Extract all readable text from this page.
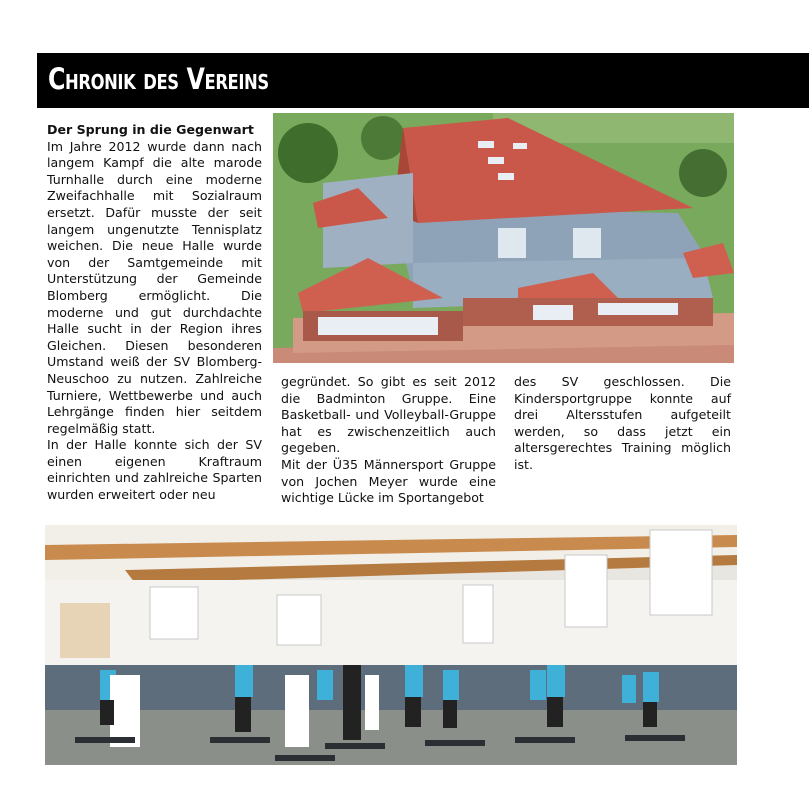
Chronik des Vereins

Der Sprung in die Gegenwart

Im Jahre 2012 wurde dann nach langem Kampf die alte marode Turnhalle durch eine moderne Zweifachhalle mit Sozialraum ersetzt. Dafür musste der seit langem ungenutzte Tennisplatz weichen. Die neue Halle wurde von der Samtgemeinde mit Unterstützung der Gemeinde Blomberg ermöglicht. Die moderne und gut durchdachte Halle sucht in der Region ihres Gleichen. Diesen besonderen Umstand weiß der SV Blomberg-Neuschoo zu nutzen. Zahlreiche Turniere, Wettbewerbe und auch Lehrgänge finden hier seitdem regelmäßig statt.

In der Halle konnte sich der SV einen eigenen Kraftraum einrichten und zahlreiche Sparten wurden erweitert oder neu

gegründet. So gibt es seit 2012 die Badminton Gruppe. Eine Basketball- und Volleyball-Gruppe hat es zwischenzeitlich auch gegeben.

Mit der Ü35 Männersport Gruppe von Jochen Meyer wurde eine wichtige Lücke im Sportangebot

des SV geschlossen. Die Kindersportgruppe konnte auf drei Altersstufen aufgeteilt werden, so dass jetzt ein altersgerechtes Training möglich ist.
